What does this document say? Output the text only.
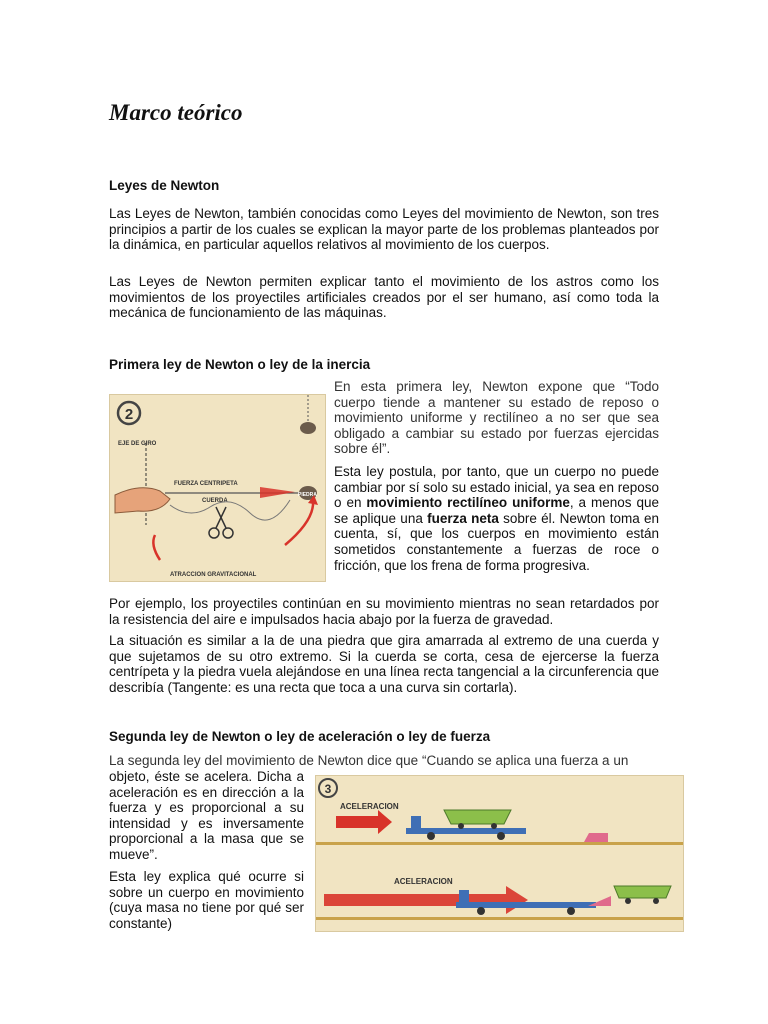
Marco teórico
Leyes de Newton

Las Leyes de Newton, también conocidas como Leyes del movimiento de Newton, son tres principios a partir de los cuales se explican la mayor parte de los problemas planteados por la dinámica, en particular aquellos relativos al movimiento de los cuerpos.

Las Leyes de Newton permiten explicar tanto el movimiento de los astros como los movimientos de los proyectiles artificiales creados por el ser humano, así como toda la mecánica de funcionamiento de las máquinas.

Primera ley de Newton o ley de la inercia
2
EJE DE GIRO
FUERZA CENTRIPETA
CUERDA
PIEDRA
ATRACCION GRAVITACIONAL

En esta primera ley, Newton expone que “Todo cuerpo tiende a mantener su estado de reposo o movimiento uniforme y rectilíneo a no ser que sea obligado a cambiar su estado por fuerzas ejercidas sobre él”.

Esta ley postula, por tanto, que un cuerpo no puede cambiar por sí solo su estado inicial, ya sea en reposo o en movimiento rectilíneo uniforme, a menos que se aplique una fuerza neta sobre él. Newton toma en cuenta, sí, que los cuerpos en movimiento están sometidos constantemente a fuerzas de roce o fricción, que los frena de forma progresiva.

Por ejemplo, los proyectiles continúan en su movimiento mientras no sean retardados por la resistencia del aire e impulsados hacia abajo por la fuerza de gravedad.

La situación es similar a la de una piedra que gira amarrada al extremo de una cuerda y que sujetamos de su otro extremo. Si la cuerda se corta, cesa de ejercerse la fuerza centrípeta y la piedra vuela alejándose en una línea recta tangencial a la circunferencia que describía (Tangente: es una recta que toca a una curva sin cortarla).

Segunda ley de Newton o ley de aceleración o ley de fuerza

La segunda ley del movimiento de Newton dice que “Cuando se aplica una fuerza a un

objeto, éste se acelera. Dicha a aceleración es en dirección a la fuerza y es proporcional a su intensidad y es inversamente proporcional a la masa que se mueve”.

Esta ley explica qué ocurre si sobre un cuerpo en movimiento (cuya masa no tiene por qué ser constante)

3
ACELERACION
ACELERACION
